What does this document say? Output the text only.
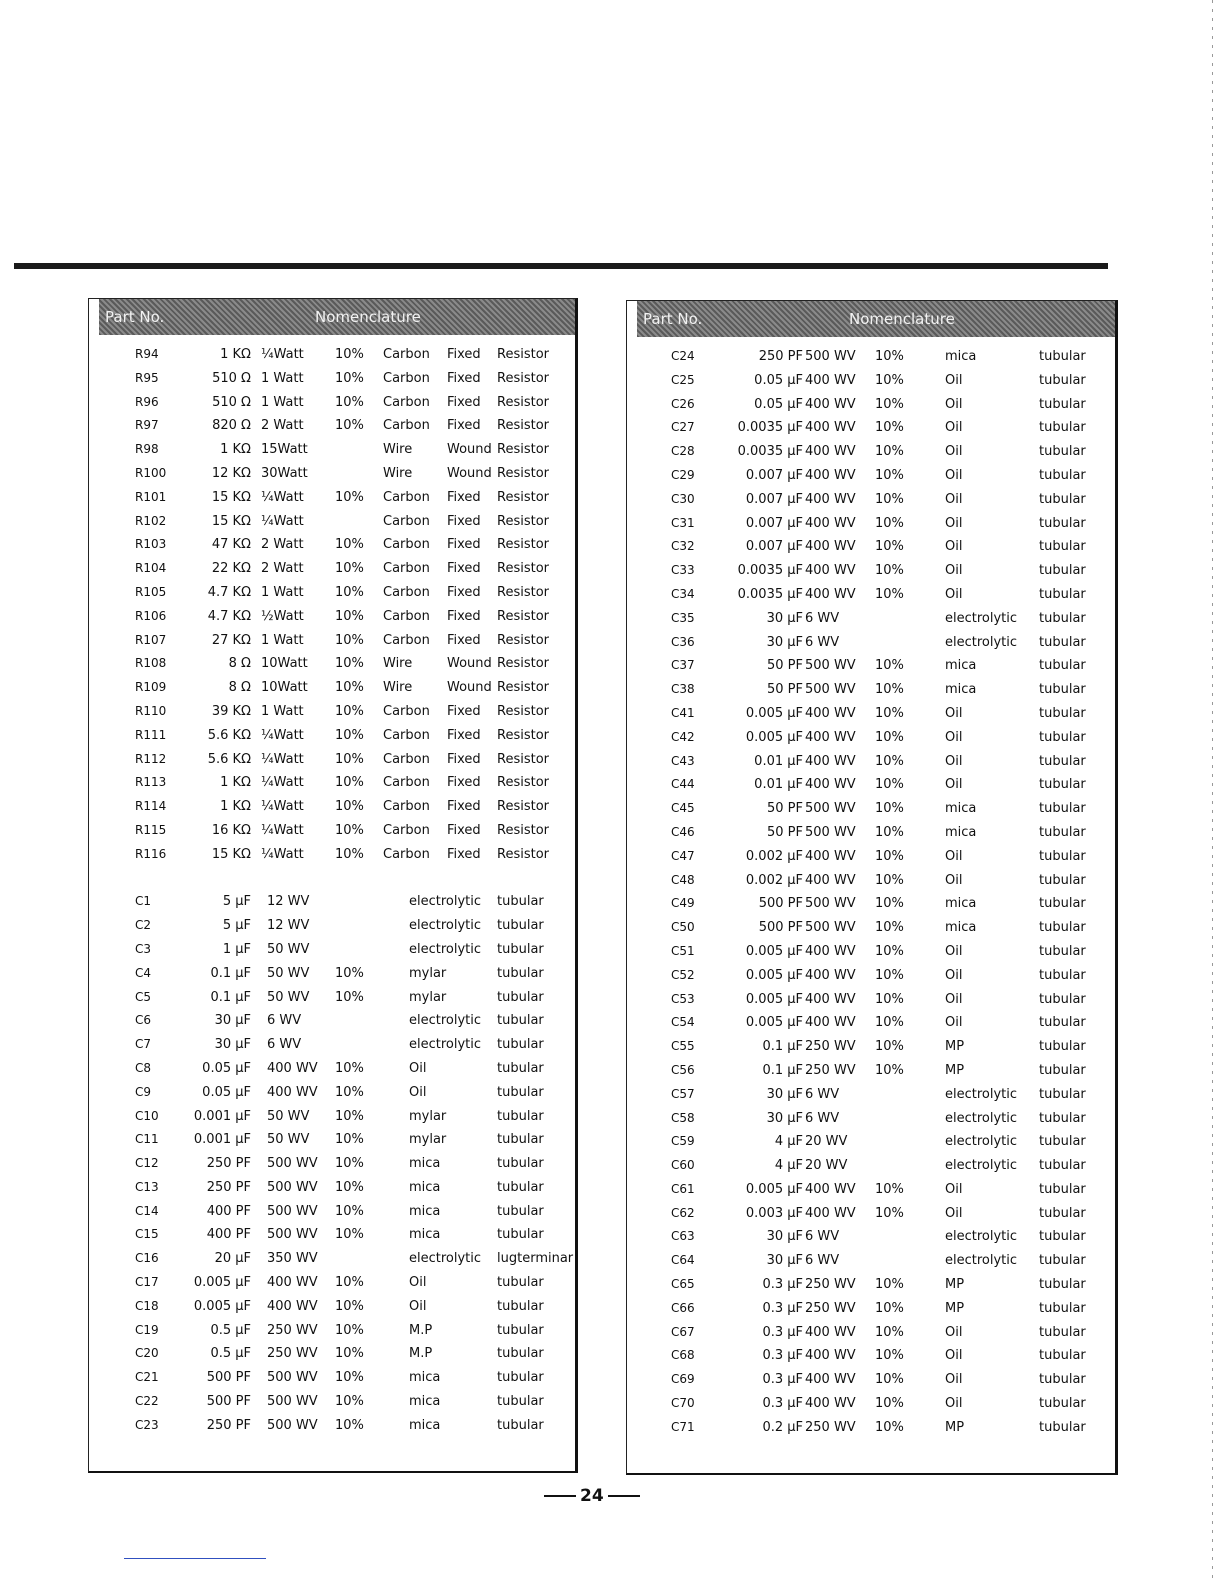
Part No.	Nomenclature
R94	1 KΩ ¼Watt 10% Carbon Fixed Resistor
R95	510 Ω 1 Watt 10% Carbon Fixed Resistor
R96	510 Ω 1 Watt 10% Carbon Fixed Resistor
R97	820 Ω 2 Watt 10% Carbon Fixed Resistor
R98	1 KΩ 15Watt	Wire	Wound Resistor
R100	12 KΩ 30Watt	Wire	Wound Resistor
R101	15 KΩ ¼Watt 10% Carbon Fixed Resistor
R102	15 KΩ ¼Watt	Carbon Fixed Resistor
R103	47 KΩ 2 Watt 10% Carbon Fixed Resistor
R104	22 KΩ 2 Watt 10% Carbon Fixed Resistor
R105	4.7 KΩ 1 Watt 10% Carbon Fixed Resistor
R106	4.7 KΩ ½Watt 10% Carbon Fixed Resistor
R107	27 KΩ 1 Watt 10% Carbon Fixed Resistor
R108	8 Ω 10Watt 10% Wire	Wound Resistor
R109	8 Ω 10Watt 10% Wire	Wound Resistor
R110	39 KΩ 1 Watt 10% Carbon Fixed Resistor
R111	5.6 KΩ ¼Watt 10% Carbon Fixed Resistor
R112	5.6 KΩ ¼Watt 10% Carbon Fixed Resistor
R113	1 KΩ ¼Watt 10% Carbon Fixed Resistor
R114	1 KΩ ¼Watt 10% Carbon Fixed Resistor
R115	16 KΩ ¼Watt 10% Carbon Fixed Resistor
R116	15 KΩ ¼Watt 10% Carbon Fixed Resistor
C1	5 μF 12 WV	electrolytic tubular
C2	5 μF 12 WV	electrolytic tubular
C3	1 μF 50 WV	electrolytic tubular
C4	0.1 μF 50 WV 10%	mylar	tubular
C5	0.1 μF 50 WV 10%	mylar	tubular
C6	30 μF 6 WV	electrolytic tubular
C7	30 μF 6 WV	electrolytic tubular
C8	0.05 μF 400 WV 10%	Oil	tubular
C9	0.05 μF 400 WV 10%	Oil	tubular
C10	0.001 μF 50 WV 10%	mylar	tubular
C11	0.001 μF 50 WV 10%	mylar	tubular
C12	250 PF 500 WV 10%	mica	tubular
C13	250 PF 500 WV 10%	mica	tubular
C14	400 PF 500 WV 10%	mica	tubular
C15	400 PF 500 WV 10%	mica	tubular
C16	20 μF 350 WV	electrolytic lugterminar
C17	0.005 μF 400 WV 10%	Oil	tubular
C18	0.005 μF 400 WV 10%	Oil	tubular
C19	0.5 μF 250 WV 10%	M.P	tubular
C20	0.5 μF 250 WV 10%	M.P	tubular
C21	500 PF 500 WV 10%	mica	tubular
C22	500 PF 500 WV 10%	mica	tubular
C23	250 PF 500 WV 10%	mica	tubular
Part No.	Nomenclature
C24	250 PF 500 WV 10%	mica	tubular
C25	0.05 μF 400 WV 10%	Oil	tubular
C26	0.05 μF 400 WV 10%	Oil	tubular
C27	0.0035 μF 400 WV 10%	Oil	tubular
C28	0.0035 μF 400 WV 10%	Oil	tubular
C29	0.007 μF 400 WV 10%	Oil	tubular
C30	0.007 μF 400 WV 10%	Oil	tubular
C31	0.007 μF 400 WV 10%	Oil	tubular
C32	0.007 μF 400 WV 10%	Oil	tubular
C33	0.0035 μF 400 WV 10%	Oil	tubular
C34	0.0035 μF 400 WV 10%	Oil	tubular
C35	30 μF 6 WV	electrolytic tubular
C36	30 μF 6 WV	electrolytic tubular
C37	50 PF 500 WV 10%	mica	tubular
C38	50 PF 500 WV 10%	mica	tubular
C41	0.005 μF 400 WV 10%	Oil	tubular
C42	0.005 μF 400 WV 10%	Oil	tubular
C43	0.01 μF 400 WV 10%	Oil	tubular
C44	0.01 μF 400 WV 10%	Oil	tubular
C45	50 PF 500 WV 10%	mica	tubular
C46	50 PF 500 WV 10%	mica	tubular
C47	0.002 μF 400 WV 10%	Oil	tubular
C48	0.002 μF 400 WV 10%	Oil	tubular
C49	500 PF 500 WV 10%	mica	tubular
C50	500 PF 500 WV 10%	mica	tubular
C51	0.005 μF 400 WV 10%	Oil	tubular
C52	0.005 μF 400 WV 10%	Oil	tubular
C53	0.005 μF 400 WV 10%	Oil	tubular
C54	0.005 μF 400 WV 10%	Oil	tubular
C55	0.1 μF 250 WV 10%	MP	tubular
C56	0.1 μF 250 WV 10%	MP	tubular
C57	30 μF 6 WV	electrolytic tubular
C58	30 μF 6 WV	electrolytic tubular
C59	4 μF 20 WV	electrolytic tubular
C60	4 μF 20 WV	electrolytic tubular
C61	0.005 μF 400 WV 10%	Oil	tubular
C62	0.003 μF 400 WV 10%	Oil	tubular
C63	30 μF 6 WV	electrolytic tubular
C64	30 μF 6 WV	electrolytic tubular
C65	0.3 μF 250 WV 10%	MP	tubular
C66	0.3 μF 250 WV 10%	MP	tubular
C67	0.3 μF 400 WV 10%	Oil	tubular
C68	0.3 μF 400 WV 10%	Oil	tubular
C69	0.3 μF 400 WV 10%	Oil	tubular
C70	0.3 μF 400 WV 10%	Oil	tubular
C71	0.2 μF 250 WV 10%	MP	tubular
24
